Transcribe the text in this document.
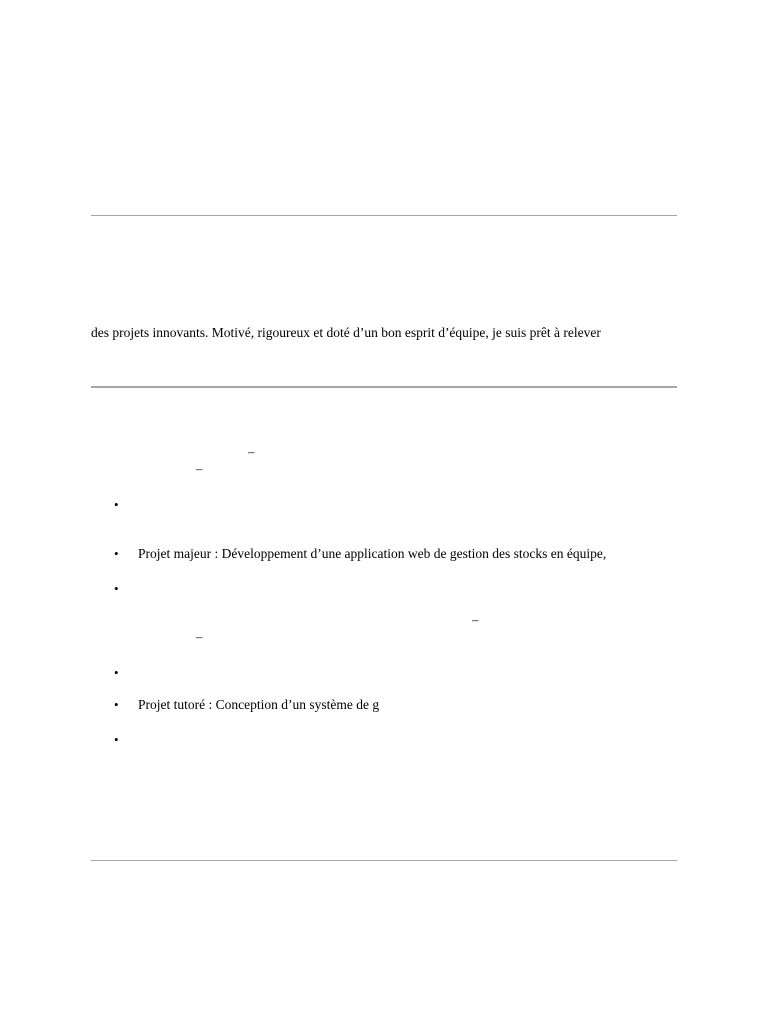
des projets innovants. Motivé, rigoureux et doté d’un bon esprit d’équipe, je suis prêt à relever
–
–
•
• Projet majeur : Développement d’une application web de gestion des stocks en équipe,
•
–
–
•
• Projet tutoré : Conception d’un système de g
•
